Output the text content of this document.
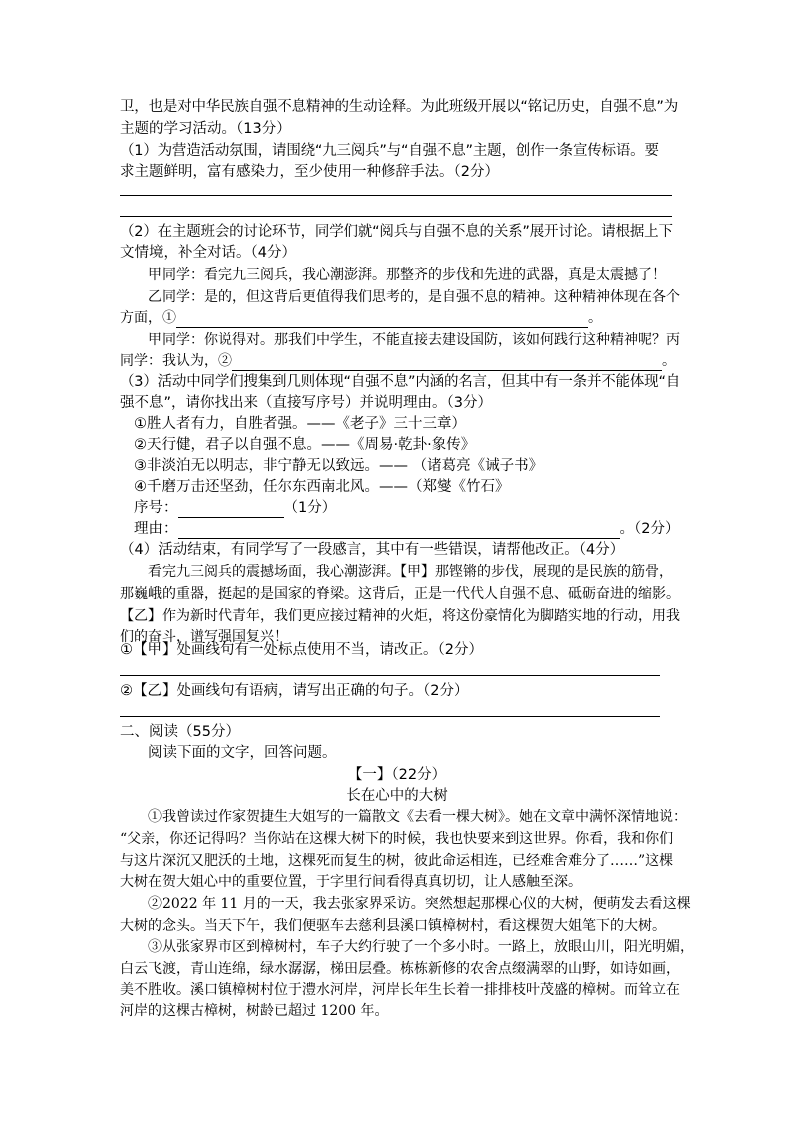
卫，也是对中华民族自强不息精神的生动诠释。为此班级开展以“铭记历史，自强不息”为
主题的学习活动。（13分）
（1）为营造活动氛围，请围绕“九三阅兵”与“自强不息”主题，创作一条宣传标语。要
求主题鲜明，富有感染力，至少使用一种修辞手法。（2分）
（2）在主题班会的讨论环节，同学们就“阅兵与自强不息的关系”展开讨论。请根据上下
文情境，补全对话。（4分）
甲同学：看完九三阅兵，我心潮澎湃。那整齐的步伐和先进的武器，真是太震撼了！
乙同学：是的，但这背后更值得我们思考的，是自强不息的精神。这种精神体现在各个
方面，①	。
甲同学：你说得对。那我们中学生，不能直接去建设国防，该如何践行这种精神呢？丙
同学：我认为，②	。
（3）活动中同学们搜集到几则体现“自强不息”内涵的名言，但其中有一条并不能体现“自
强不息”，请你找出来（直接写序号）并说明理由。（3分）
①胜人者有力，自胜者强。——《老子》三十三章）
②天行健，君子以自强不息。——《周易·乾卦·象传》
③非淡泊无以明志，非宁静无以致远。—— （诸葛亮《诫子书》
④千磨万击还坚劲，任尔东西南北风。——（郑燮《竹石》
序号：	（1分）
理由：	。（2分）
（4）活动结束，有同学写了一段感言，其中有一些错误，请帮他改正。（4分）
看完九三阅兵的震撼场面，我心潮澎湃。【甲】那铿锵的步伐，展现的是民族的筋骨，
那巍峨的重器，挺起的是国家的脊梁。这背后，正是一代代人自强不息、砥砺奋进的缩影。
【乙】作为新时代青年，我们更应接过精神的火炬，将这份豪情化为脚踏实地的行动，用我
们的奋斗，谱写强国复兴！
①【甲】处画线句有一处标点使用不当，请改正。（2分）
②【乙】处画线句有语病，请写出正确的句子。（2分）
二、阅读（55分）
阅读下面的文字，回答问题。
【一】（22分）
长在心中的大树
①我曾读过作家贺捷生大姐写的一篇散文《去看一棵大树》。她在文章中满怀深情地说：
“父亲，你还记得吗？当你站在这棵大树下的时候，我也快要来到这世界。你看，我和你们
与这片深沉又肥沃的土地，这棵死而复生的树，彼此命运相连，已经难舍难分了……”这棵
大树在贺大姐心中的重要位置，于字里行间看得真真切切，让人感触至深。
②2022 年 11 月的一天，我去张家界采访。突然想起那棵心仪的大树，便萌发去看这棵
大树的念头。当天下午，我们便驱车去慈利县溪口镇樟树村，看这棵贺大姐笔下的大树。
③从张家界市区到樟树村，车子大约行驶了一个多小时。一路上，放眼山川，阳光明媚，
白云飞渡，青山连绵，绿水潺潺，梯田层叠。栋栋新修的农舍点缀满翠的山野，如诗如画，
美不胜收。溪口镇樟树村位于澧水河岸，河岸长年生长着一排排枝叶茂盛的樟树。而耸立在
河岸的这棵古樟树，树龄已超过 1200 年。
